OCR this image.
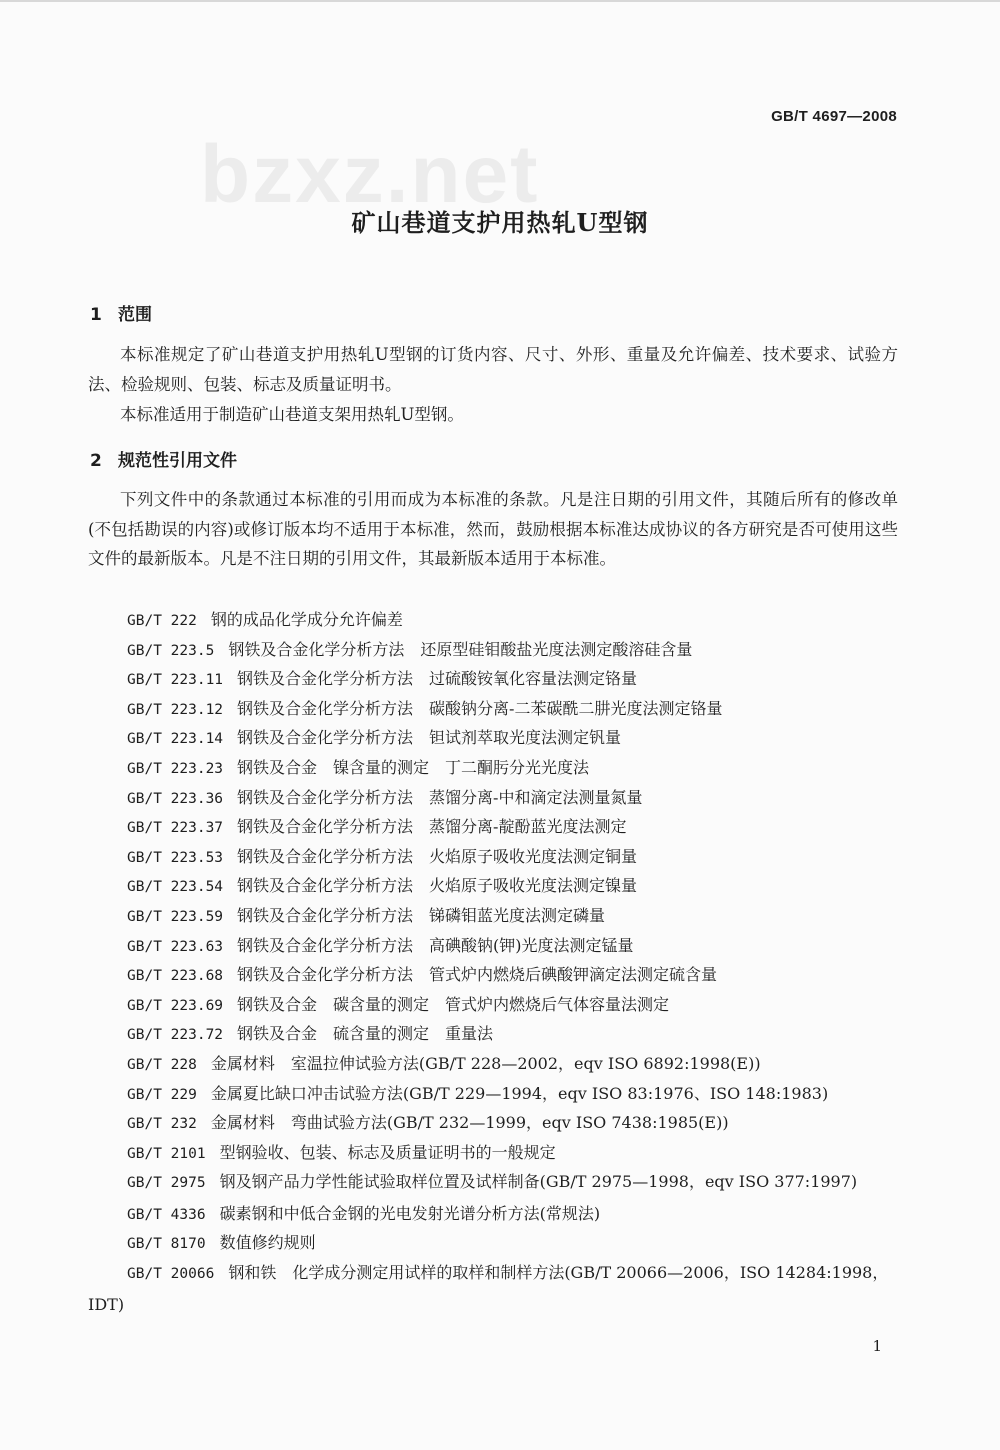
GB/T 4697—2008
bzxz.net
矿山巷道支护用热轧U型钢
1 范围
本标准规定了矿山巷道支护用热轧U型钢的订货内容、尺寸、外形、重量及允许偏差、技术要求、试验方法、检验规则、包装、标志及质量证明书。
本标准适用于制造矿山巷道支架用热轧U型钢。
2 规范性引用文件
下列文件中的条款通过本标准的引用而成为本标准的条款。凡是注日期的引用文件，其随后所有的修改单(不包括勘误的内容)或修订版本均不适用于本标准，然而，鼓励根据本标准达成协议的各方研究是否可使用这些文件的最新版本。凡是不注日期的引用文件，其最新版本适用于本标准。
GB/T 222 钢的成品化学成分允许偏差
GB/T 223.5 钢铁及合金化学分析方法　还原型硅钼酸盐光度法测定酸溶硅含量
GB/T 223.11 钢铁及合金化学分析方法　过硫酸铵氧化容量法测定铬量
GB/T 223.12 钢铁及合金化学分析方法　碳酸钠分离-二苯碳酰二肼光度法测定铬量
GB/T 223.14 钢铁及合金化学分析方法　钽试剂萃取光度法测定钒量
GB/T 223.23 钢铁及合金　镍含量的测定　丁二酮肟分光光度法
GB/T 223.36 钢铁及合金化学分析方法　蒸馏分离-中和滴定法测量氮量
GB/T 223.37 钢铁及合金化学分析方法　蒸馏分离-靛酚蓝光度法测定
GB/T 223.53 钢铁及合金化学分析方法　火焰原子吸收光度法测定铜量
GB/T 223.54 钢铁及合金化学分析方法　火焰原子吸收光度法测定镍量
GB/T 223.59 钢铁及合金化学分析方法　锑磷钼蓝光度法测定磷量
GB/T 223.63 钢铁及合金化学分析方法　高碘酸钠(钾)光度法测定锰量
GB/T 223.68 钢铁及合金化学分析方法　管式炉内燃烧后碘酸钾滴定法测定硫含量
GB/T 223.69 钢铁及合金　碳含量的测定　管式炉内燃烧后气体容量法测定
GB/T 223.72 钢铁及合金　硫含量的测定　重量法
GB/T 228 金属材料　室温拉伸试验方法(GB/T 228—2002，eqv ISO 6892:1998(E))
GB/T 229 金属夏比缺口冲击试验方法(GB/T 229—1994，eqv ISO 83:1976、ISO 148:1983)
GB/T 232 金属材料　弯曲试验方法(GB/T 232—1999，eqv ISO 7438:1985(E))
GB/T 2101 型钢验收、包装、标志及质量证明书的一般规定
GB/T 2975 钢及钢产品力学性能试验取样位置及试样制备(GB/T 2975—1998，eqv ISO 377:1997)
GB/T 4336 碳素钢和中低合金钢的光电发射光谱分析方法(常规法)
GB/T 8170 数值修约规则
GB/T 20066 钢和铁　化学成分测定用试样的取样和制样方法(GB/T 20066—2006，ISO 14284:1998，IDT)
1
